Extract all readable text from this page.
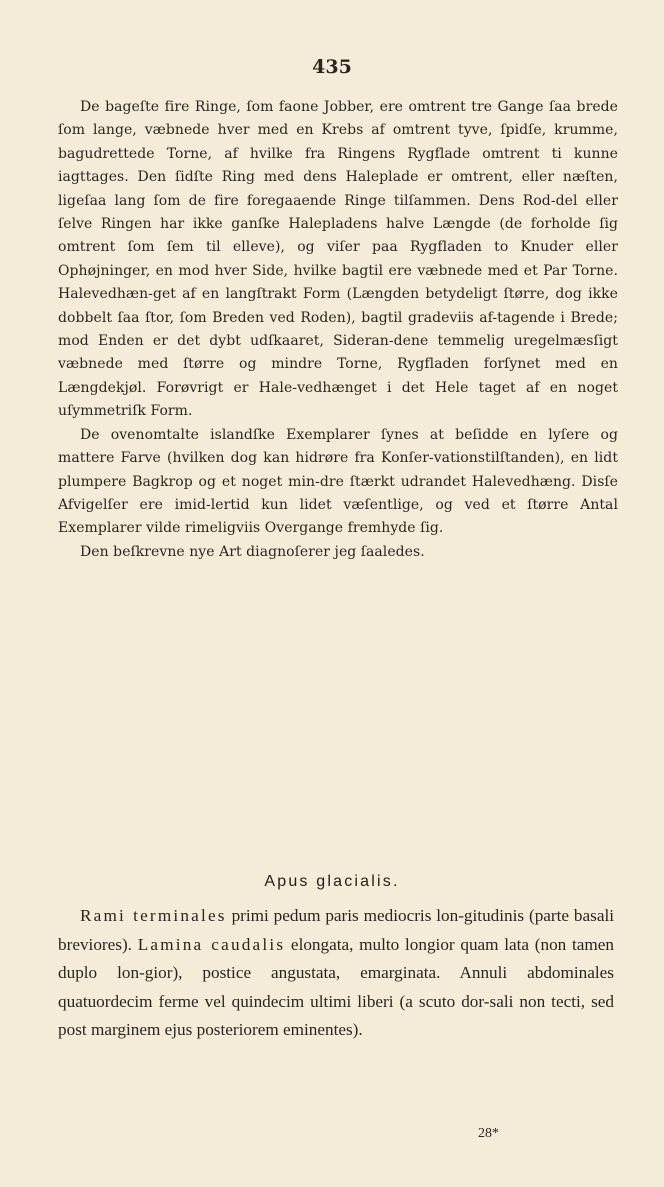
435

De bageſte fire Ringe, ſom faone Jobber, ere omtrent tre Gange ſaa brede ſom lange, væbnede hver med en Krebs af omtrent tyve, ſpidſe, krumme, bagudrettede Torne, af hvilke fra Ringens Rygflade omtrent ti kunne iagttages. Den ſidſte Ring med dens Haleplade er omtrent, eller næſten, ligeſaa lang ſom de fire foregaaende Ringe tilſammen. Dens Rod-del eller ſelve Ringen har ikke ganſke Halepladens halve Længde (de forholde ſig omtrent ſom ſem til elleve), og viſer paa Rygfladen to Knuder eller Ophøjninger, en mod hver Side, hvilke bagtil ere væbnede med et Par Torne. Halevedhæn-get af en langſtrakt Form (Længden betydeligt ſtørre, dog ikke dobbelt ſaa ſtor, ſom Breden ved Roden), bagtil gradeviis af-tagende i Brede; mod Enden er det dybt udſkaaret, Sideran-dene temmelig uregelmæsſigt væbnede med ſtørre og mindre Torne, Rygfladen forſynet med en Længdekjøl. Forøvrigt er Hale-vedhænget i det Hele taget af en noget uſymmetriſk Form.

De ovenomtalte islandſke Exemplarer ſynes at beſidde en lyſere og mattere Farve (hvilken dog kan hidrøre fra Konſer-vationstilſtanden), en lidt plumpere Bagkrop og et noget min-dre ſtærkt udrandet Halevedhæng. Disſe Afvigelſer ere imid-lertid kun lidet væſentlige, og ved et ſtørre Antal Exemplarer vilde rimeligviis Overgange fremhyde ſig.

Den beſkrevne nye Art diagnoſerer jeg ſaaledes.

Apus glacialis.

Rami terminales primi pedum paris mediocris lon-gitudinis (parte basali breviores). Lamina caudalis elongata, multo longior quam lata (non tamen duplo lon-gior), postice angustata, emarginata. Annuli abdominales quatuordecim ferme vel quindecim ultimi liberi (a scuto dor-sali non tecti, sed post marginem ejus posteriorem eminentes).

28*
